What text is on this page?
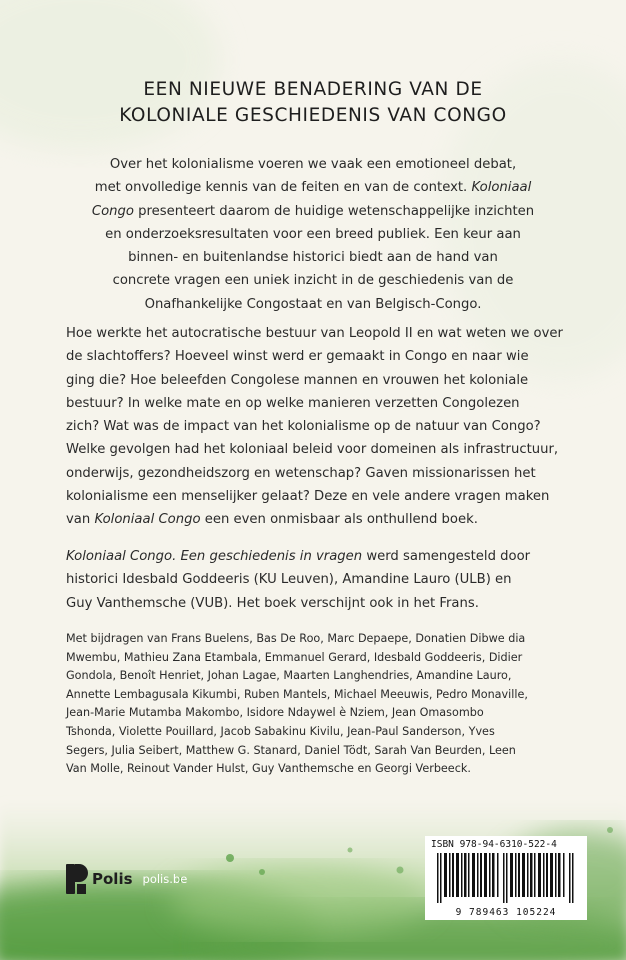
EEN NIEUWE BENADERING VAN DE
KOLONIALE GESCHIEDENIS VAN CONGO
Over het kolonialisme voeren we vaak een emotioneel debat,
met onvolledige kennis van de feiten en van de context. Koloniaal
Congo presenteert daarom de huidige wetenschappelijke inzichten
en onderzoeksresultaten voor een breed publiek. Een keur aan
binnen- en buitenlandse historici biedt aan de hand van
concrete vragen een uniek inzicht in de geschiedenis van de
Onafhankelijke Congostaat en van Belgisch-Congo.
Hoe werkte het autocratische bestuur van Leopold II en wat weten we over
de slachtoffers? Hoeveel winst werd er gemaakt in Congo en naar wie
ging die? Hoe beleefden Congolese mannen en vrouwen het koloniale
bestuur? In welke mate en op welke manieren verzetten Congolezen
zich? Wat was de impact van het kolonialisme op de natuur van Congo?
Welke gevolgen had het koloniaal beleid voor domeinen als infrastructuur,
onderwijs, gezondheidszorg en wetenschap? Gaven missionarissen het
kolonialisme een menselijker gelaat? Deze en vele andere vragen maken
van Koloniaal Congo een even onmisbaar als onthullend boek.
Koloniaal Congo. Een geschiedenis in vragen werd samengesteld door
historici Idesbald Goddeeris (KU Leuven), Amandine Lauro (ULB) en
Guy Vanthemsche (VUB). Het boek verschijnt ook in het Frans.
Met bijdragen van Frans Buelens, Bas De Roo, Marc Depaepe, Donatien Dibwe dia
Mwembu, Mathieu Zana Etambala, Emmanuel Gerard, Idesbald Goddeeris, Didier
Gondola, Benoît Henriet, Johan Lagae, Maarten Langhendries, Amandine Lauro,
Annette Lembagusala Kikumbi, Ruben Mantels, Michael Meeuwis, Pedro Monaville,
Jean-Marie Mutamba Makombo, Isidore Ndaywel è Nziem, Jean Omasombo
Tshonda, Violette Pouillard, Jacob Sabakinu Kivilu, Jean-Paul Sanderson, Yves
Segers, Julia Seibert, Matthew G. Stanard, Daniel Tödt, Sarah Van Beurden, Leen
Van Molle, Reinout Vander Hulst, Guy Vanthemsche en Georgi Verbeeck.
Polis polis.be
ISBN 978-94-6310-522-4
9 789463 105224
